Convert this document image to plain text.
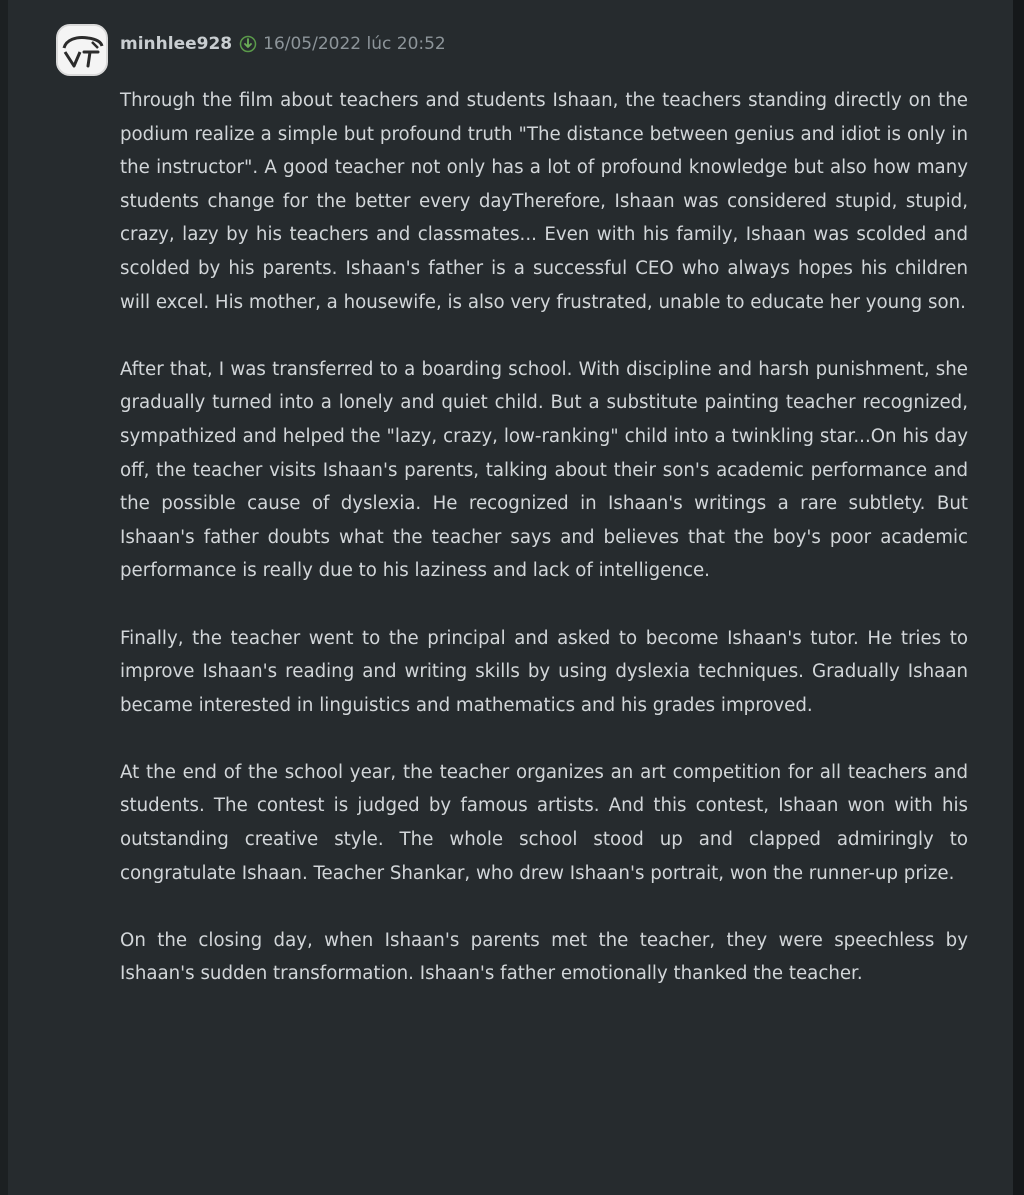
minhlee928 16/05/2022 lúc 20:52

Through the film about teachers and students Ishaan, the teachers standing directly on the podium realize a simple but profound truth "The distance between genius and idiot is only in the instructor". A good teacher not only has a lot of profound knowledge but also how many students change for the better every dayTherefore, Ishaan was considered stupid, stupid, crazy, lazy by his teachers and classmates... Even with his family, Ishaan was scolded and scolded by his parents. Ishaan's father is a successful CEO who always hopes his children will excel. His mother, a housewife, is also very frustrated, unable to educate her young son.

After that, I was transferred to a boarding school. With discipline and harsh punishment, she gradually turned into a lonely and quiet child. But a substitute painting teacher recognized, sympathized and helped the "lazy, crazy, low-ranking" child into a twinkling star...On his day off, the teacher visits Ishaan's parents, talking about their son's academic performance and the possible cause of dyslexia. He recognized in Ishaan's writings a rare subtlety. But Ishaan's father doubts what the teacher says and believes that the boy's poor academic performance is really due to his laziness and lack of intelligence.

Finally, the teacher went to the principal and asked to become Ishaan's tutor. He tries to improve Ishaan's reading and writing skills by using dyslexia techniques. Gradually Ishaan became interested in linguistics and mathematics and his grades improved.

At the end of the school year, the teacher organizes an art competition for all teachers and students. The contest is judged by famous artists. And this contest, Ishaan won with his outstanding creative style. The whole school stood up and clapped admiringly to congratulate Ishaan. Teacher Shankar, who drew Ishaan's portrait, won the runner-up prize.

On the closing day, when Ishaan's parents met the teacher, they were speechless by Ishaan's sudden transformation. Ishaan's father emotionally thanked the teacher.
